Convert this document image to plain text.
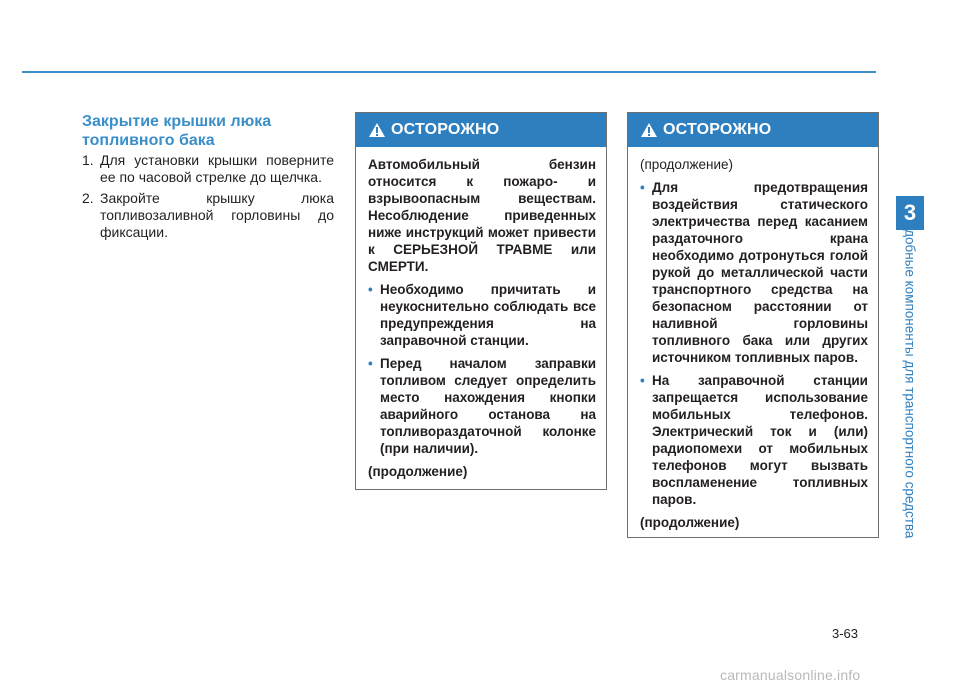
3
Удобные компоненты для транспортного средства
Закрытие крышки люка топливного бака
1. Для установки крышки поверните ее по часовой стрелке до щелчка.
2. Закройте крышку люка топливозаливной горловины до фиксации.
ОСТОРОЖНО

Автомобильный бензин относится к пожаро- и взрывоопасным веществам. Несоблюдение приведенных ниже инструкций может привести к СЕРЬЕЗНОЙ ТРАВМЕ или СМЕРТИ.

• Необходимо причитать и неукоснительно соблюдать все предупреждения на заправочной станции.
• Перед началом заправки топливом следует определить место нахождения кнопки аварийного останова на топливораздаточной колонке (при наличии).

(продолжение)

ОСТОРОЖНО

(продолжение)

• Для предотвращения воздействия статического электричества перед касанием раздаточного крана необходимо дотронуться голой рукой до металлической части транспортного средства на безопасном расстоянии от наливной горловины топливного бака или других источником топливных паров.
• На заправочной станции запрещается использование мобильных телефонов. Электрический ток и (или) радиопомехи от мобильных телефонов могут вызвать воспламенение топливных паров.

(продолжение)

3-63
carmanualsonline.info
